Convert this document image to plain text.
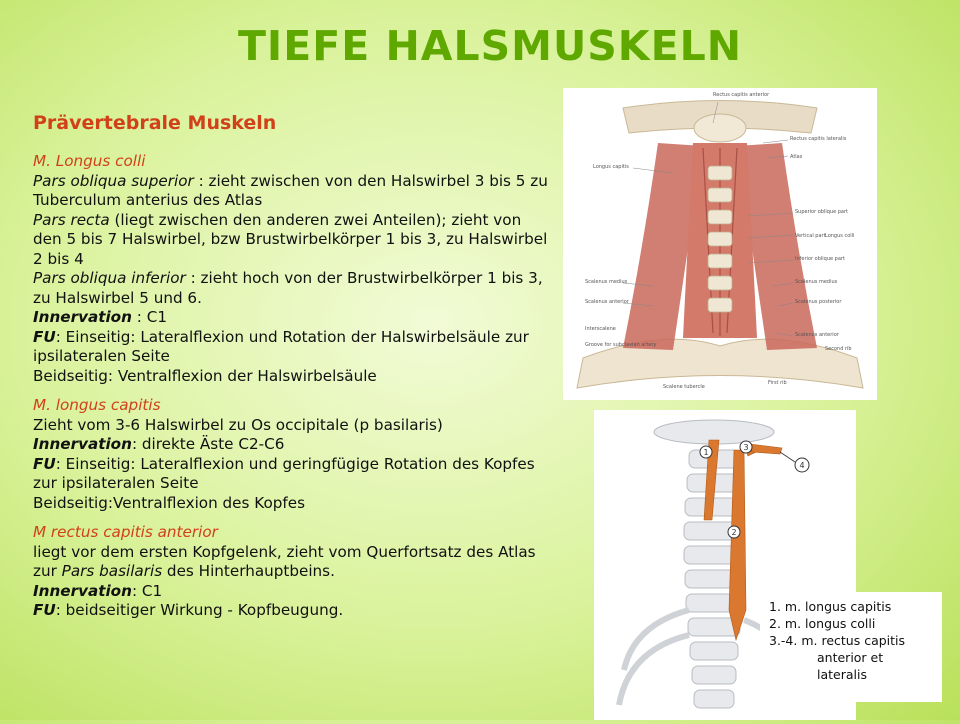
TIEFE HALSMUSKELN
Prävertebrale Muskeln
M. Longus colli
Pars obliqua superior : zieht zwischen von den Halswirbel 3 bis 5 zu Tuberculum anterius des Atlas
Pars recta (liegt zwischen den anderen zwei Anteilen); zieht von den 5 bis 7 Halswirbel, bzw Brustwirbelkörper 1 bis 3, zu Halswirbel 2 bis 4
Pars obliqua inferior : zieht hoch von der Brustwirbelkörper 1 bis 3, zu Halswirbel 5 und 6.
Innervation : C1
FU: Einseitig: Lateralflexion und Rotation der Halswirbelsäule zur ipsilateralen Seite
Beidseitig: Ventralflexion der Halswirbelsäule
M. longus capitis
Zieht vom 3-6 Halswirbel zu Os occipitale (p basilaris)
Innervation: direkte Äste C2-C6
FU: Einseitig: Lateralflexion und geringfügige Rotation des Kopfes zur ipsilateralen Seite
Beidseitig:Ventralflexion des Kopfes
M rectus capitis anterior
liegt vor dem ersten Kopfgelenk, zieht vom Querfortsatz des Atlas zur Pars basilaris des Hinterhauptbeins.
Innervation: C1
FU: beidseitiger Wirkung - Kopfbeugung.
Rectus capitis anterior
Rectus capitis lateralis
Atlas
Longus capitis
Superior oblique part
Vertical part Longus colli
Inferior oblique part
Scalenus medius
Scalenus anterior
Scalenus medius
Scalenus posterior
Interscalene
Groove for subclavian artery
Scalenus anterior
Second rib
First rib
Scalene tubercle
1
2
3
4
1. m. longus capitis
2. m. longus colli
3.-4. m. rectus capitis
anterior et
lateralis
